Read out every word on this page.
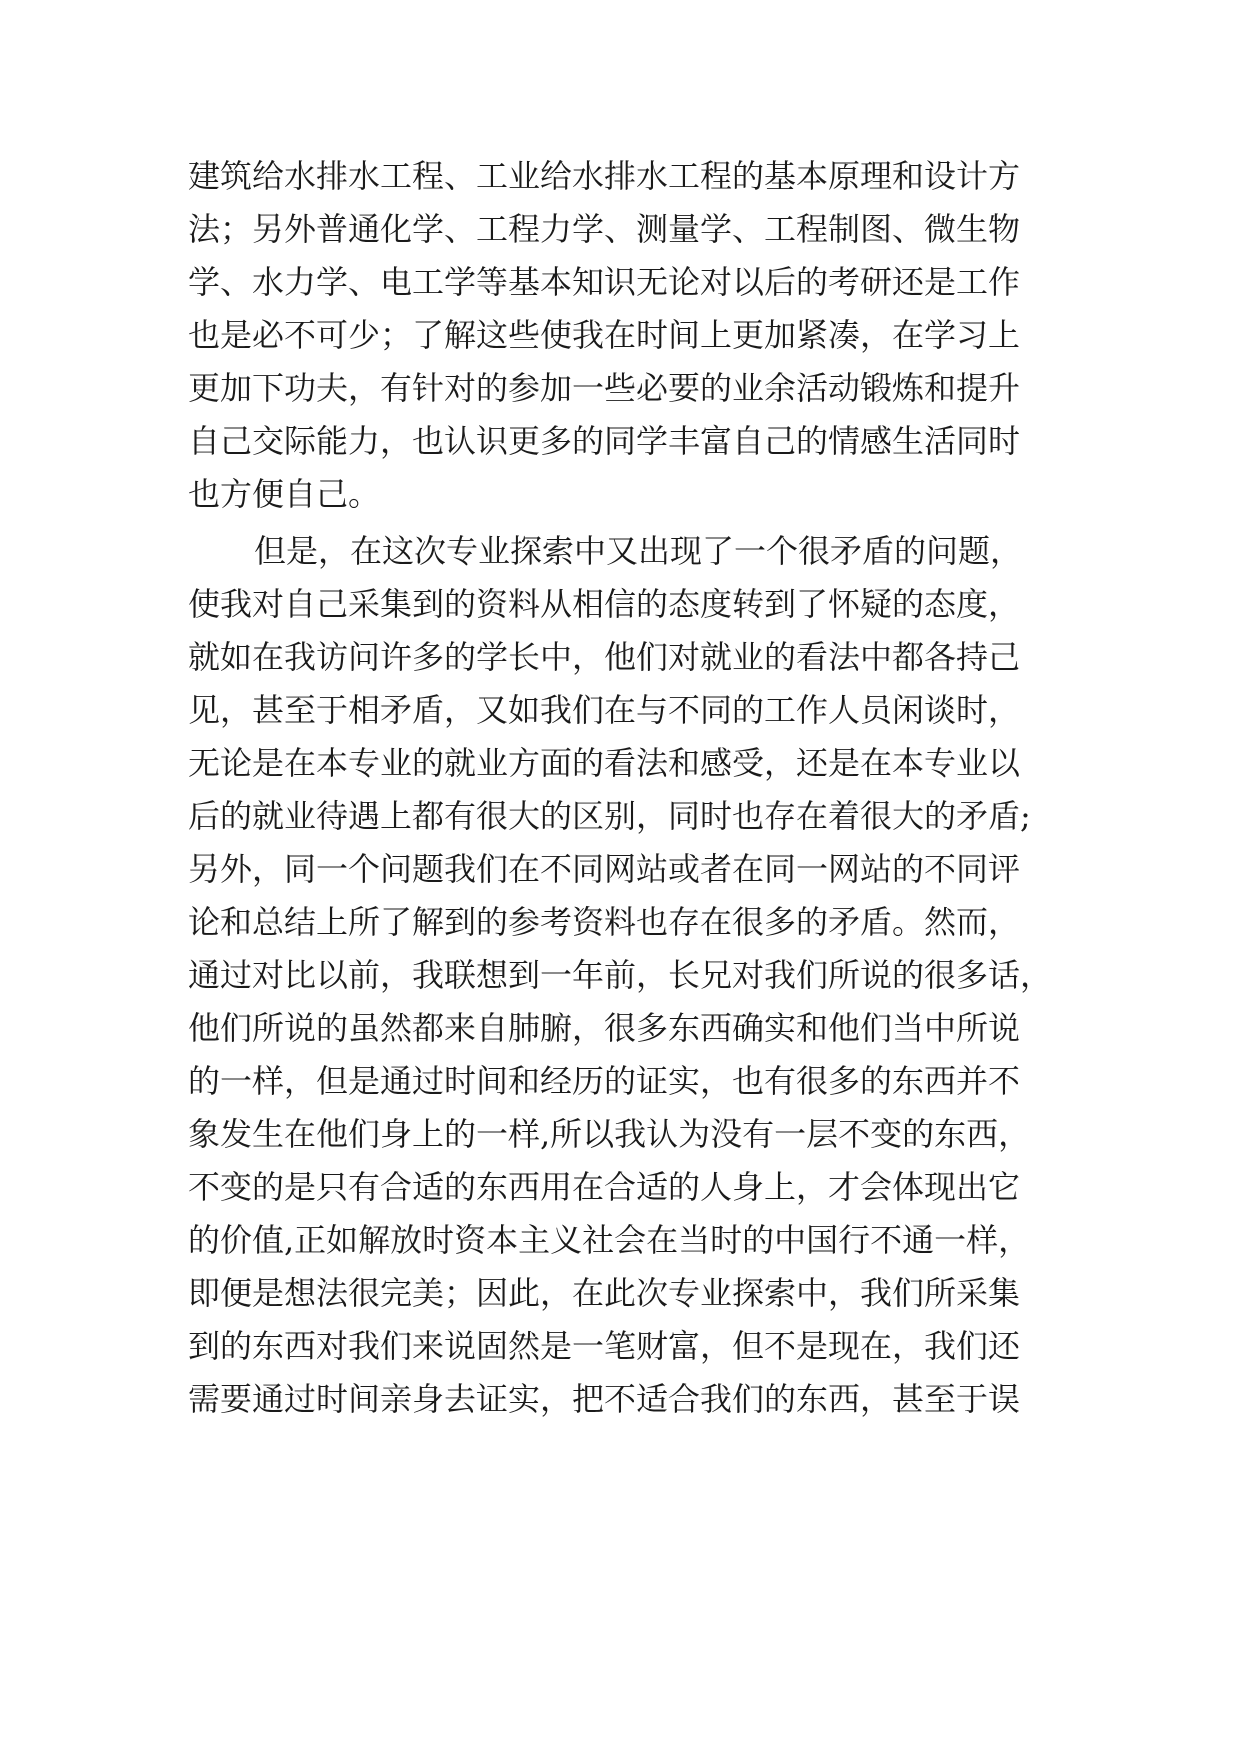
建筑给水排水工程、工业给水排水工程的基本原理和设计方
法；另外普通化学、工程力学、测量学、工程制图、微生物
学、水力学、电工学等基本知识无论对以后的考研还是工作
也是必不可少；了解这些使我在时间上更加紧凑，在学习上
更加下功夫，有针对的参加一些必要的业余活动锻炼和提升
自己交际能力，也认识更多的同学丰富自己的情感生活同时
也方便自己。
但是，在这次专业探索中又出现了一个很矛盾的问题，
使我对自己采集到的资料从相信的态度转到了怀疑的态度，
就如在我访问许多的学长中，他们对就业的看法中都各持己
见，甚至于相矛盾，又如我们在与不同的工作人员闲谈时，
无论是在本专业的就业方面的看法和感受，还是在本专业以
后的就业待遇上都有很大的区别，同时也存在着很大的矛盾;
另外，同一个问题我们在不同网站或者在同一网站的不同评
论和总结上所了解到的参考资料也存在很多的矛盾。然而，
通过对比以前，我联想到一年前，长兄对我们所说的很多话，
他们所说的虽然都来自肺腑，很多东西确实和他们当中所说
的一样，但是通过时间和经历的证实，也有很多的东西并不
象发生在他们身上的一样,所以我认为没有一层不变的东西，
不变的是只有合适的东西用在合适的人身上，才会体现出它
的价值,正如解放时资本主义社会在当时的中国行不通一样，
即便是想法很完美；因此，在此次专业探索中，我们所采集
到的东西对我们来说固然是一笔财富，但不是现在，我们还
需要通过时间亲身去证实，把不适合我们的东西，甚至于误
